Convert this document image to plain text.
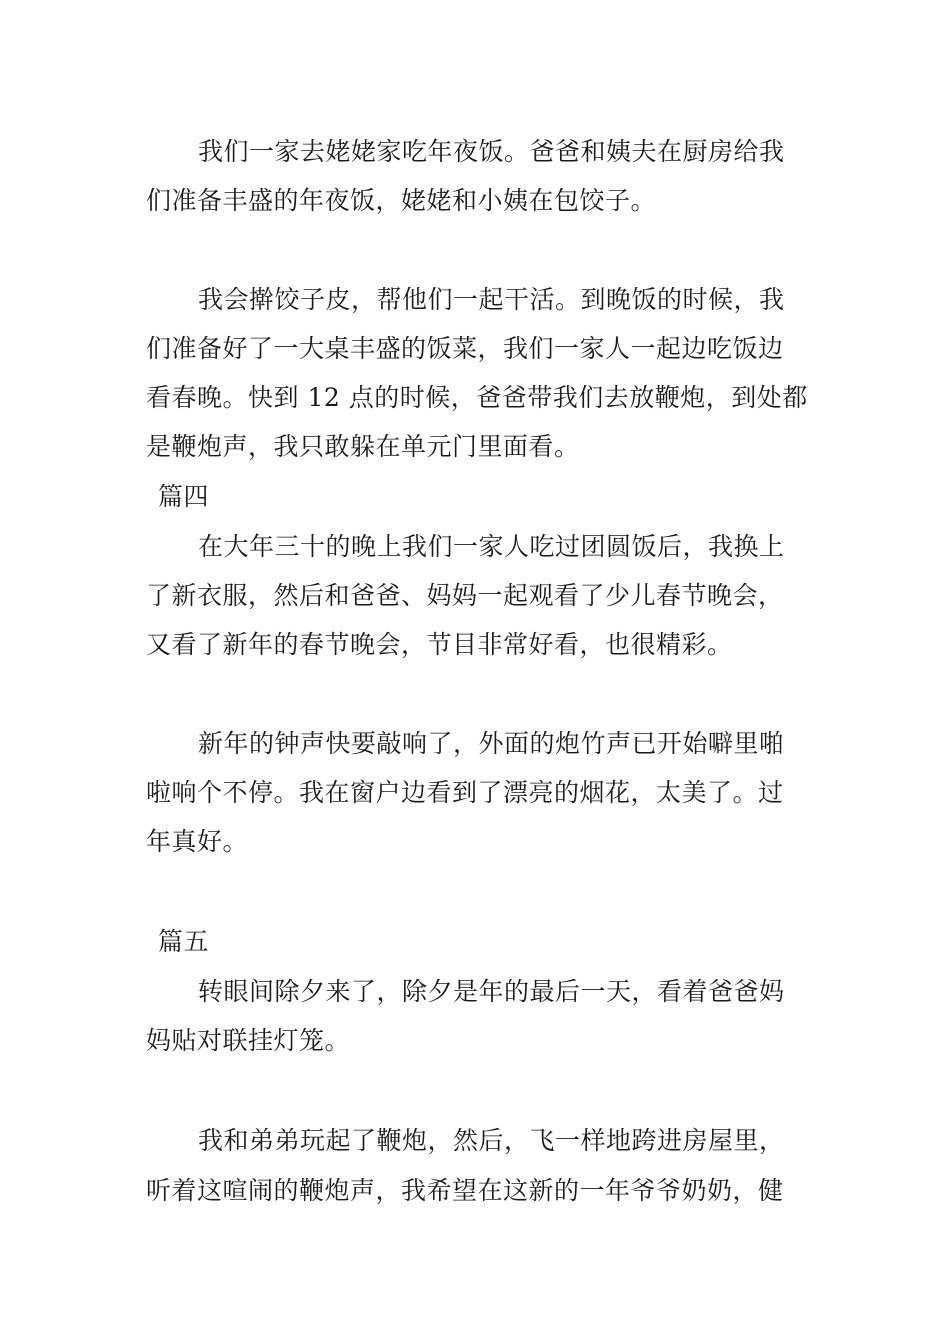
我们一家去姥姥家吃年夜饭。爸爸和姨夫在厨房给我
们准备丰盛的年夜饭，姥姥和小姨在包饺子。
我会擀饺子皮，帮他们一起干活。到晚饭的时候，我
们准备好了一大桌丰盛的饭菜，我们一家人一起边吃饭边
看春晚。快到 12 点的时候，爸爸带我们去放鞭炮，到处都
是鞭炮声，我只敢躲在单元门里面看。
篇四
在大年三十的晚上我们一家人吃过团圆饭后，我换上
了新衣服，然后和爸爸、妈妈一起观看了少儿春节晚会，
又看了新年的春节晚会，节目非常好看，也很精彩。
新年的钟声快要敲响了，外面的炮竹声已开始噼里啪
啦响个不停。我在窗户边看到了漂亮的烟花，太美了。过
年真好。
篇五
转眼间除夕来了，除夕是年的最后一天，看着爸爸妈
妈贴对联挂灯笼。
我和弟弟玩起了鞭炮，然后，飞一样地跨进房屋里，
听着这喧闹的鞭炮声，我希望在这新的一年爷爷奶奶，健
